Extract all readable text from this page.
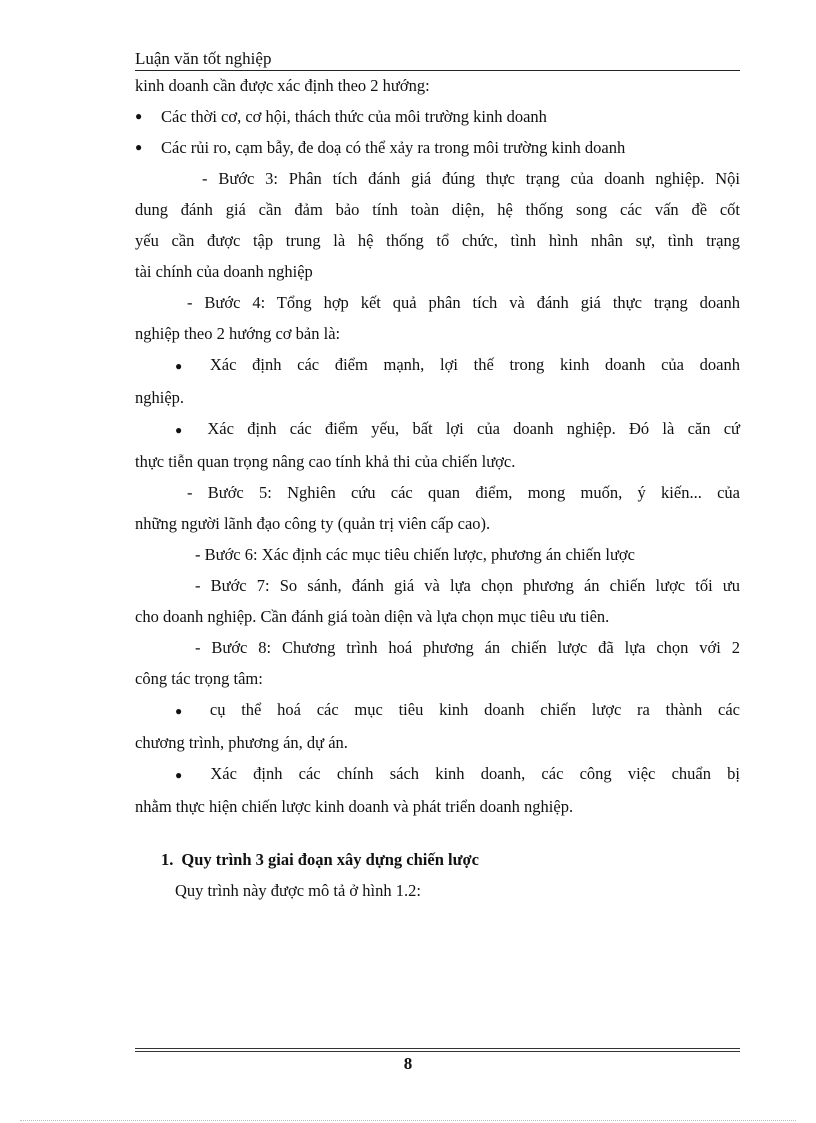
Luận văn tốt nghiệp

kinh doanh cần được xác định theo 2 hướng:

● Các thời cơ, cơ hội, thách thức của môi trường kinh doanh

● Các rủi ro, cạm bẫy, đe doạ có thể xảy ra trong môi trường kinh doanh

- Bước 3: Phân tích đánh giá đúng thực trạng của doanh nghiệp. Nội

dung đánh giá cần đảm bảo tính toàn diện, hệ thống song các vấn đề cốt

yếu cần được tập trung là hệ thống tổ chức, tình hình nhân sự, tình trạng

tài chính của doanh nghiệp

- Bước 4: Tổng hợp kết quả phân tích và đánh giá thực trạng doanh

nghiệp theo 2 hướng cơ bản là:

● Xác định các điểm mạnh, lợi thế trong kinh doanh của doanh

nghiệp.

● Xác định các điểm yếu, bất lợi của doanh nghiệp. Đó là căn cứ

thực tiễn quan trọng nâng cao tính khả thi của chiến lược.

- Bước 5: Nghiên cứu các quan điểm, mong muốn, ý kiến... của

những người lãnh đạo công ty (quản trị viên cấp cao).

- Bước 6: Xác định các mục tiêu chiến lược, phương án chiến lược

- Bước 7: So sánh, đánh giá và lựa chọn phương án chiến lược tối ưu

cho doanh nghiệp. Cần đánh giá toàn diện và lựa chọn mục tiêu ưu tiên.

- Bước 8: Chương trình hoá phương án chiến lược đã lựa chọn với 2

công tác trọng tâm:

● cụ thể hoá các mục tiêu kinh doanh chiến lược ra thành các

chương trình, phương án, dự án.

● Xác định các chính sách kinh doanh, các công việc chuẩn bị

nhằm thực hiện chiến lược kinh doanh và phát triển doanh nghiệp.

1. Quy trình 3 giai đoạn xây dựng chiến lược

Quy trình này được mô tả ở hình 1.2:

8
